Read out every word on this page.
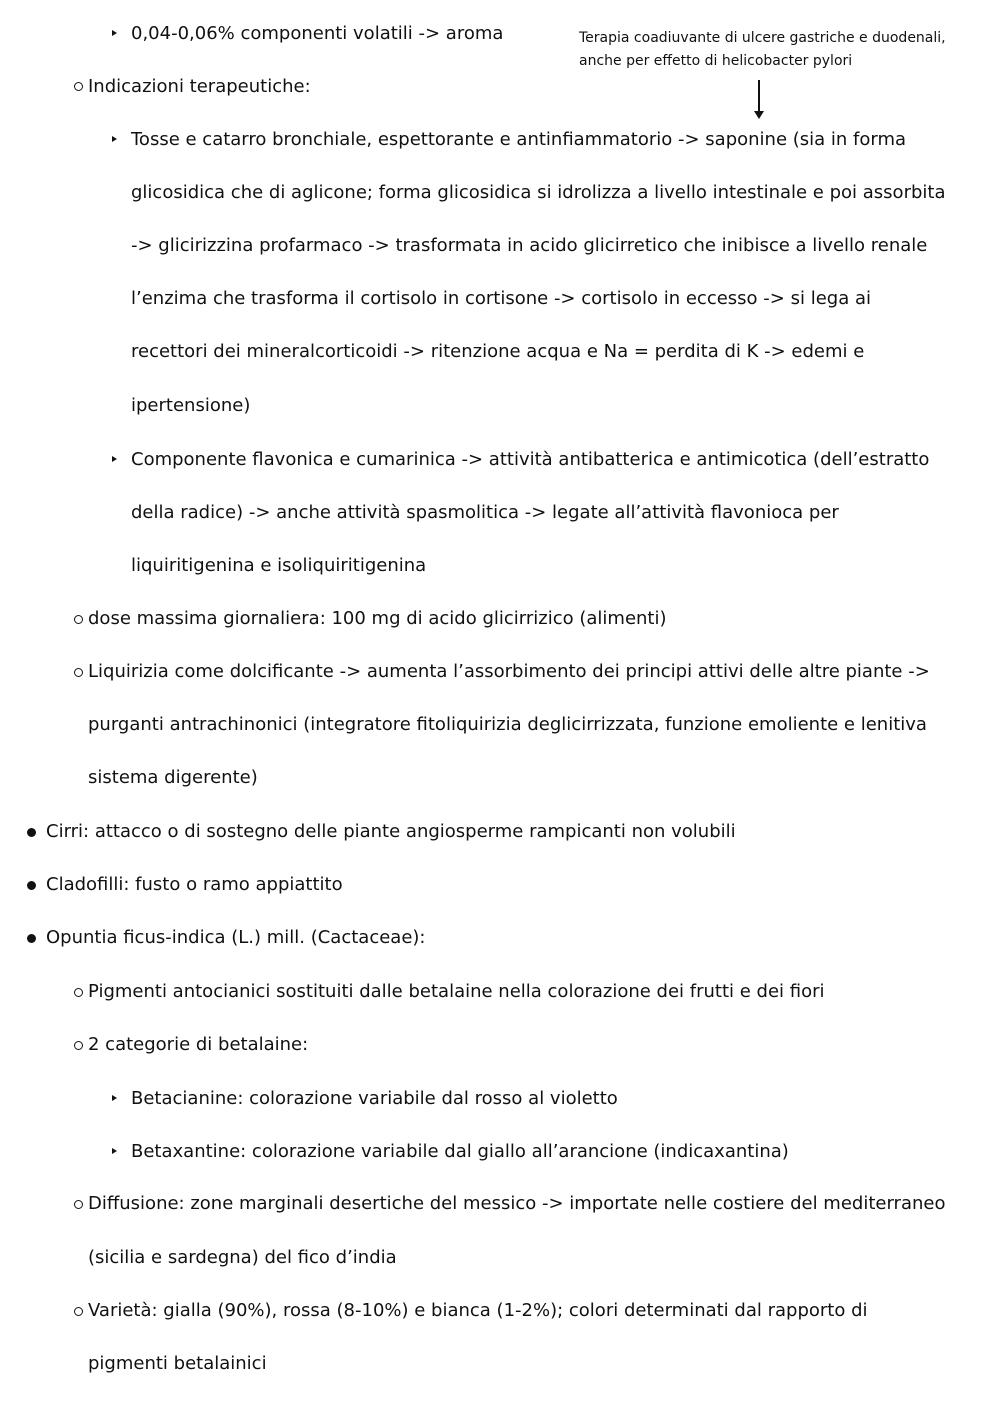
Terapia coadiuvante di ulcere gastriche e duodenali,
anche per effetto di helicobacter pylori
0,04-0,06% componenti volatili -> aroma
Indicazioni terapeutiche:
Tosse e catarro bronchiale, espettorante e antinfiammatorio -> saponine (sia in forma
glicosidica che di aglicone; forma glicosidica si idrolizza a livello intestinale e poi assorbita
-> glicirizzina profarmaco -> trasformata in acido glicirretico che inibisce a livello renale
l’enzima che trasforma il cortisolo in cortisone -> cortisolo in eccesso -> si lega ai
recettori dei mineralcorticoidi -> ritenzione acqua e Na = perdita di K -> edemi e
ipertensione)
Componente flavonica e cumarinica -> attività antibatterica e antimicotica (dell’estratto
della radice) -> anche attività spasmolitica -> legate all’attività flavonioca per
liquiritigenina e isoliquiritigenina
dose massima giornaliera: 100 mg di acido glicirrizico (alimenti)
Liquirizia come dolcificante -> aumenta l’assorbimento dei principi attivi delle altre piante ->
purganti antrachinonici (integratore fitoliquirizia deglicirrizzata, funzione emoliente e lenitiva
sistema digerente)
Cirri: attacco o di sostegno delle piante angiosperme rampicanti non volubili
Cladofilli: fusto o ramo appiattito
Opuntia ficus-indica (L.) mill. (Cactaceae):
Pigmenti antocianici sostituiti dalle betalaine nella colorazione dei frutti e dei fiori
2 categorie di betalaine:
Betacianine: colorazione variabile dal rosso al violetto
Betaxantine: colorazione variabile dal giallo all’arancione (indicaxantina)
Diffusione: zone marginali desertiche del messico -> importate nelle costiere del mediterraneo
(sicilia e sardegna) del fico d’india
Varietà: gialla (90%), rossa (8-10%) e bianca (1-2%); colori determinati dal rapporto di
pigmenti betalainici
